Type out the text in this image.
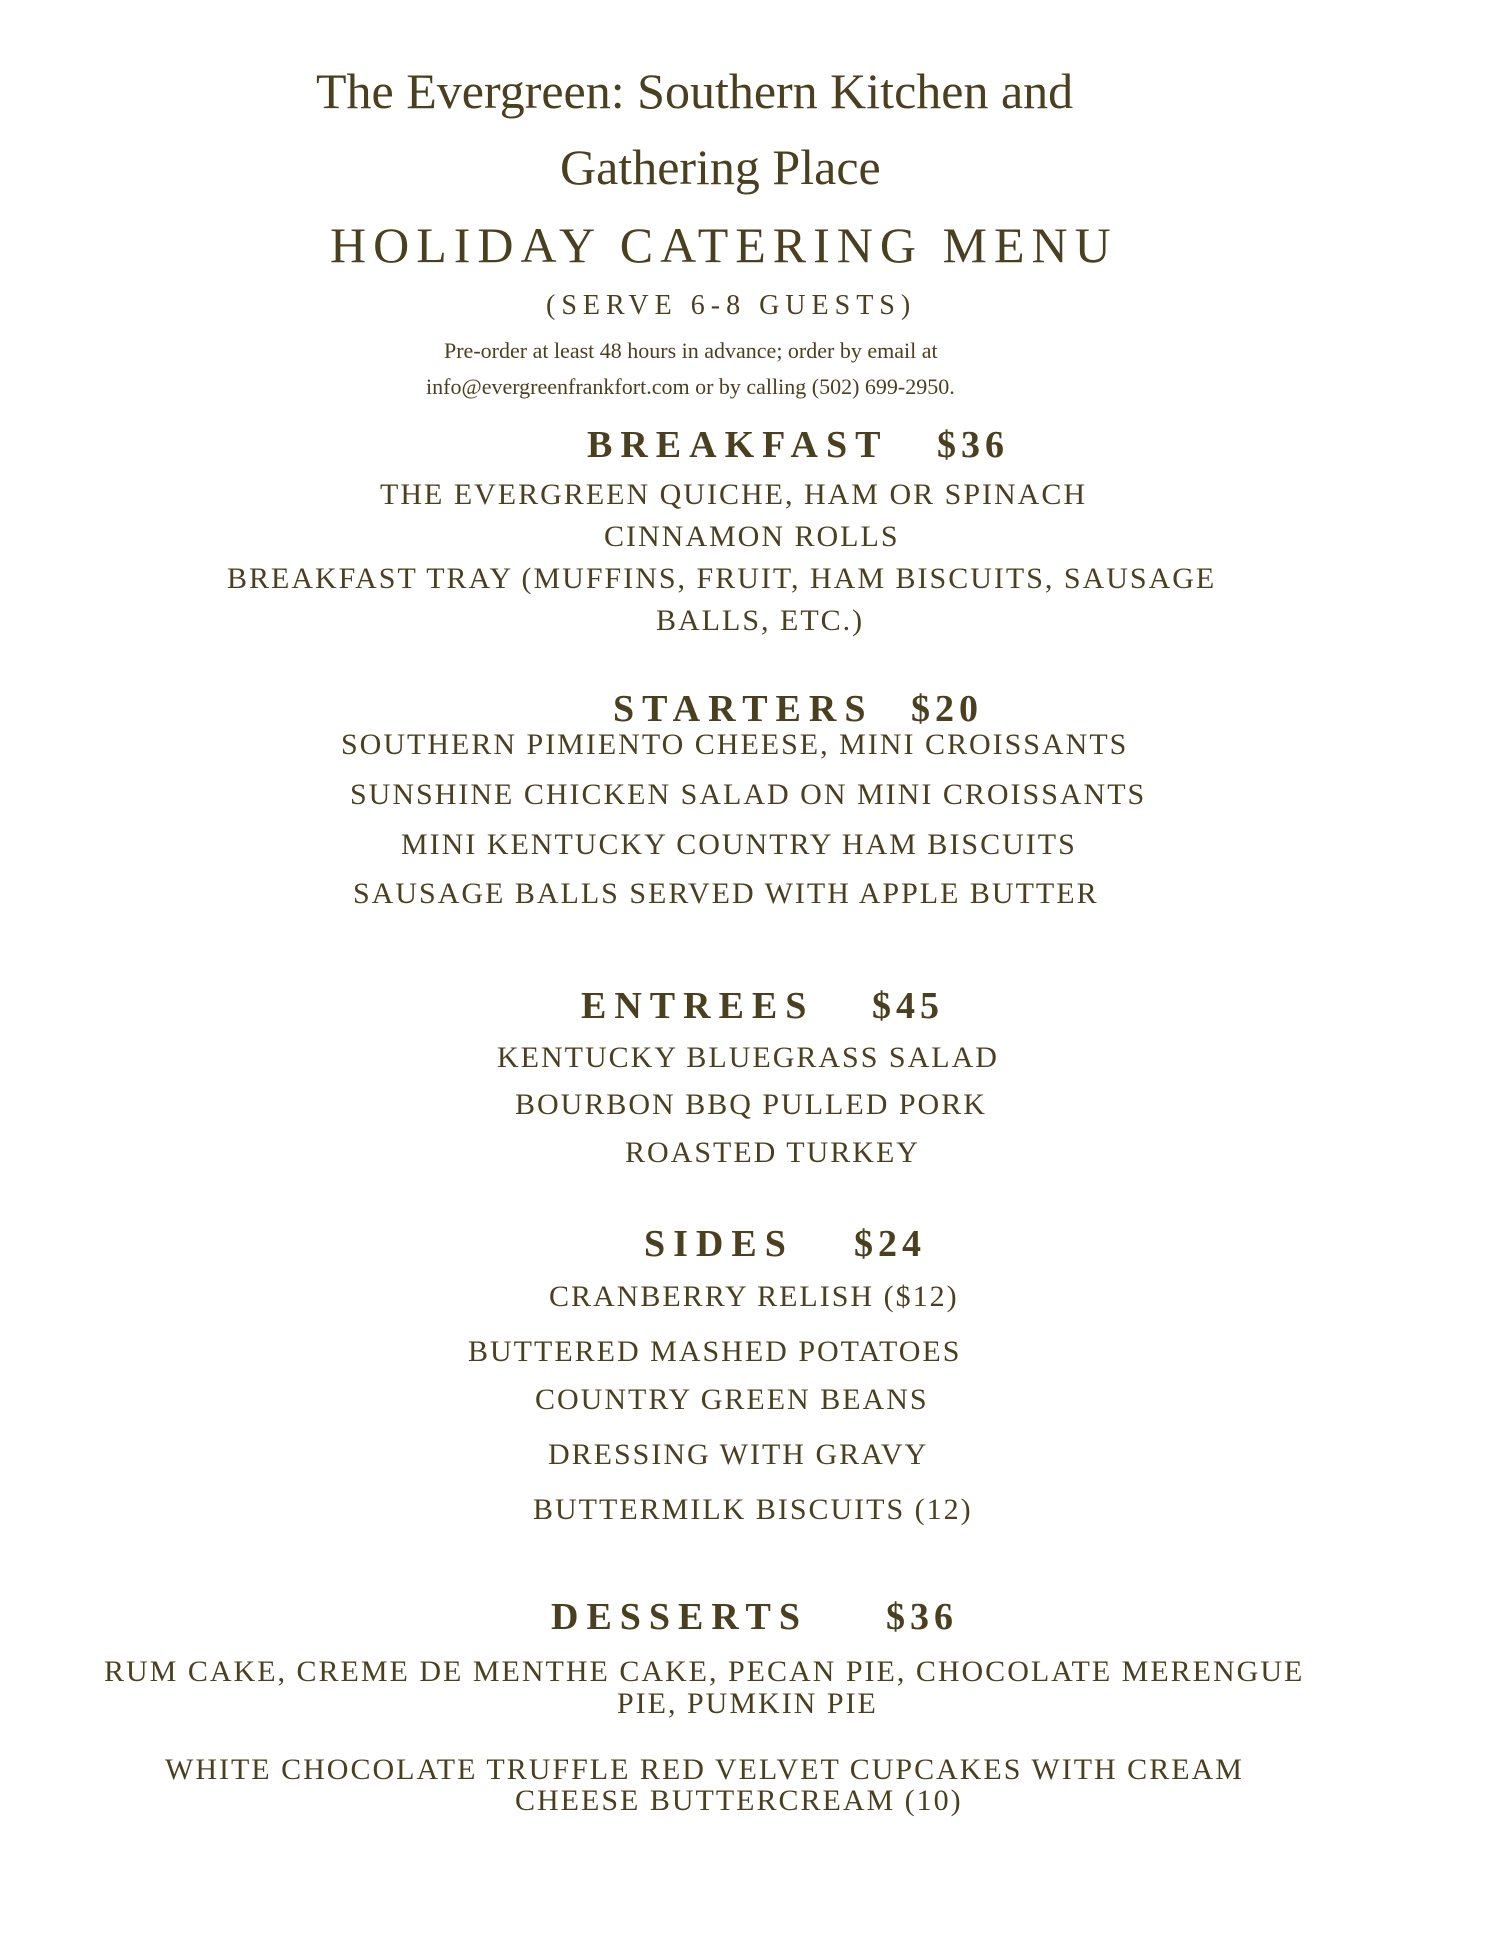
The Evergreen: Southern Kitchen and
Gathering Place
HOLIDAY CATERING MENU
(SERVE 6-8 GUESTS)
Pre-order at least 48 hours in advance; order by email at
info@evergreenfrankfort.com or by calling (502) 699-2950.
BREAKFAST $36
THE EVERGREEN QUICHE, HAM OR SPINACH
CINNAMON ROLLS
BREAKFAST TRAY (MUFFINS, FRUIT, HAM BISCUITS, SAUSAGE
BALLS, ETC.)
STARTERS $20
SOUTHERN PIMIENTO CHEESE, MINI CROISSANTS
SUNSHINE CHICKEN SALAD ON MINI CROISSANTS
MINI KENTUCKY COUNTRY HAM BISCUITS
SAUSAGE BALLS SERVED WITH APPLE BUTTER
ENTREES $45
KENTUCKY BLUEGRASS SALAD
BOURBON BBQ PULLED PORK
ROASTED TURKEY
SIDES $24
CRANBERRY RELISH ($12)
BUTTERED MASHED POTATOES
COUNTRY GREEN BEANS
DRESSING WITH GRAVY
BUTTERMILK BISCUITS (12)
DESSERTS $36
RUM CAKE, CREME DE MENTHE CAKE, PECAN PIE, CHOCOLATE MERENGUE
PIE, PUMKIN PIE
WHITE CHOCOLATE TRUFFLE RED VELVET CUPCAKES WITH CREAM
CHEESE BUTTERCREAM (10)
